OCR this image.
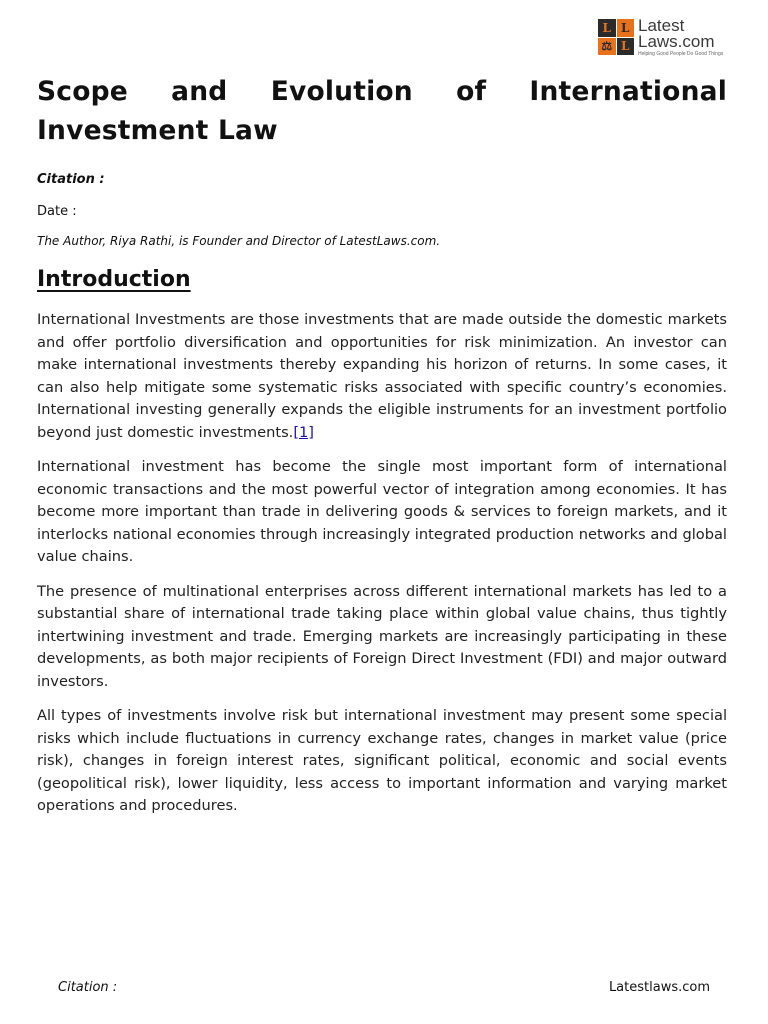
L L
⚖ L
Latest
Laws.com
Helping Good People Do Good Things
Scope and Evolution of International Investment Law
Citation :
Date :
The Author, Riya Rathi, is Founder and Director of LatestLaws.com.
Introduction

International Investments are those investments that are made outside the domestic markets and offer portfolio diversification and opportunities for risk minimization. An investor can make international investments thereby expanding his horizon of returns. In some cases, it can also help mitigate some systematic risks associated with specific country’s economies. International investing generally expands the eligible instruments for an investment portfolio beyond just domestic investments.[1]

International investment has become the single most important form of international economic transactions and the most powerful vector of integration among economies. It has become more important than trade in delivering goods & services to foreign markets, and it interlocks national economies through increasingly integrated production networks and global value chains.

The presence of multinational enterprises across different international markets has led to a substantial share of international trade taking place within global value chains, thus tightly intertwining investment and trade. Emerging markets are increasingly participating in these developments, as both major recipients of Foreign Direct Investment (FDI) and major outward investors.

All types of investments involve risk but international investment may present some special risks which include fluctuations in currency exchange rates, changes in market value (price risk), changes in foreign interest rates, significant political, economic and social events (geopolitical risk), lower liquidity, less access to important information and varying market operations and procedures.

Citation :	Latestlaws.com
